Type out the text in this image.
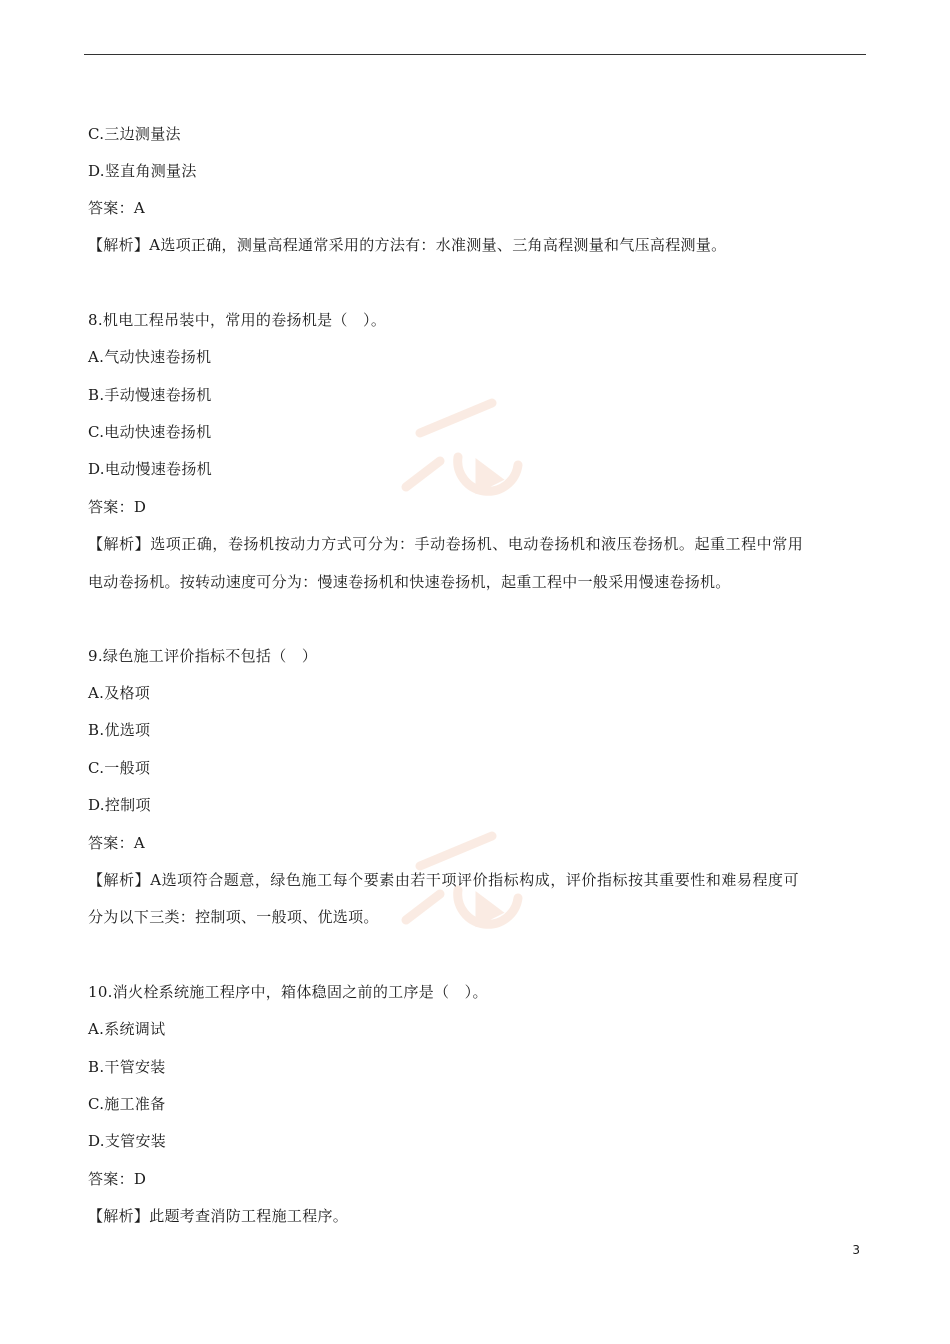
C.三边测量法
D.竖直角测量法
答案：A
【解析】A选项正确，测量高程通常采用的方法有：水准测量、三角高程测量和气压高程测量。
8.机电工程吊装中，常用的卷扬机是（　）。
A.气动快速卷扬机
B.手动慢速卷扬机
C.电动快速卷扬机
D.电动慢速卷扬机
答案：D
【解析】选项正确，卷扬机按动力方式可分为：手动卷扬机、电动卷扬机和液压卷扬机。起重工程中常用
电动卷扬机。按转动速度可分为：慢速卷扬机和快速卷扬机，起重工程中一般采用慢速卷扬机。
9.绿色施工评价指标不包括（　）
A.及格项
B.优选项
C.一般项
D.控制项
答案：A
【解析】A选项符合题意，绿色施工每个要素由若干项评价指标构成，评价指标按其重要性和难易程度可
分为以下三类：控制项、一般项、优选项。
10.消火栓系统施工程序中，箱体稳固之前的工序是（　）。
A.系统调试
B.干管安装
C.施工准备
D.支管安装
答案：D
【解析】此题考查消防工程施工程序。
3
